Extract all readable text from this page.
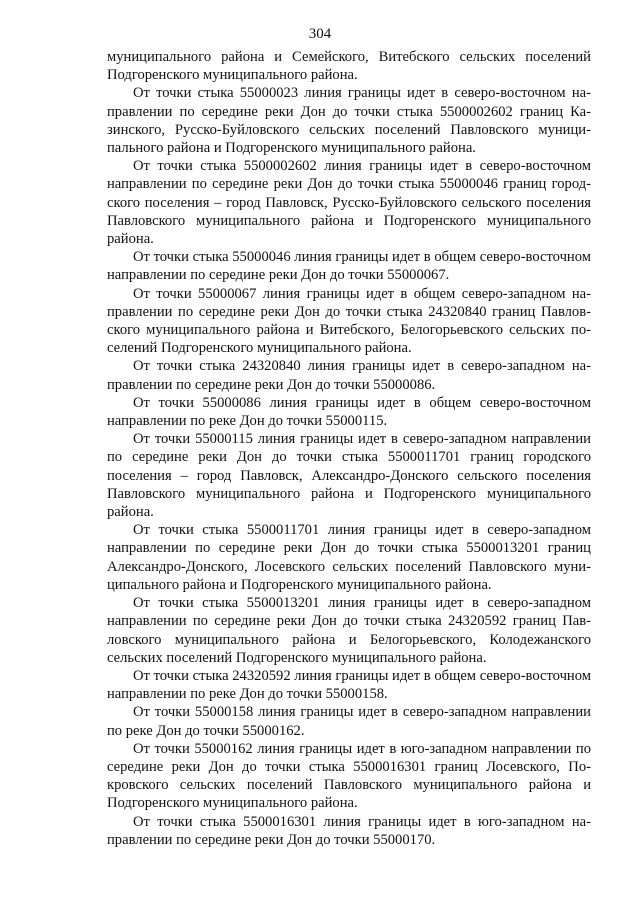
304

муниципального района и Семейского, Витебского сельских поселений Подгоренского муниципального района.

От точки стыка 55000023 линия границы идет в северо-восточном направлении по середине реки Дон до точки стыка 5500002602 границ Казинского, Русско-Буйловского сельских поселений Павловского муниципального района и Подгоренского муниципального района.

От точки стыка 5500002602 линия границы идет в северо-восточном направлении по середине реки Дон до точки стыка 55000046 границ городского поселения – город Павловск, Русско-Буйловского сельского поселения Павловского муниципального района и Подгоренского муниципального района.

От точки стыка 55000046 линия границы идет в общем северо-восточном направлении по середине реки Дон до точки 55000067.

От точки 55000067 линия границы идет в общем северо-западном направлении по середине реки Дон до точки стыка 24320840 границ Павловского муниципального района и Витебского, Белогорьевского сельских поселений Подгоренского муниципального района.

От точки стыка 24320840 линия границы идет в северо-западном направлении по середине реки Дон до точки 55000086.

От точки 55000086 линия границы идет в общем северо-восточном направлении по реке Дон до точки 55000115.

От точки 55000115 линия границы идет в северо-западном направлении по середине реки Дон до точки стыка 5500011701 границ городского поселения – город Павловск, Александро-Донского сельского поселения Павловского муниципального района и Подгоренского муниципального района.

От точки стыка 5500011701 линия границы идет в северо-западном направлении по середине реки Дон до точки стыка 5500013201 границ Александро-Донского, Лосевского сельских поселений Павловского муниципального района и Подгоренского муниципального района.

От точки стыка 5500013201 линия границы идет в северо-западном направлении по середине реки Дон до точки стыка 24320592 границ Павловского муниципального района и Белогорьевского, Колодежанского сельских поселений Подгоренского муниципального района.

От точки стыка 24320592 линия границы идет в общем северо-восточном направлении по реке Дон до точки 55000158.

От точки 55000158 линия границы идет в северо-западном направлении по реке Дон до точки 55000162.

От точки 55000162 линия границы идет в юго-западном направлении по середине реки Дон до точки стыка 5500016301 границ Лосевского, Покровского сельских поселений Павловского муниципального района и Подгоренского муниципального района.

От точки стыка 5500016301 линия границы идет в юго-западном направлении по середине реки Дон до точки 55000170.
